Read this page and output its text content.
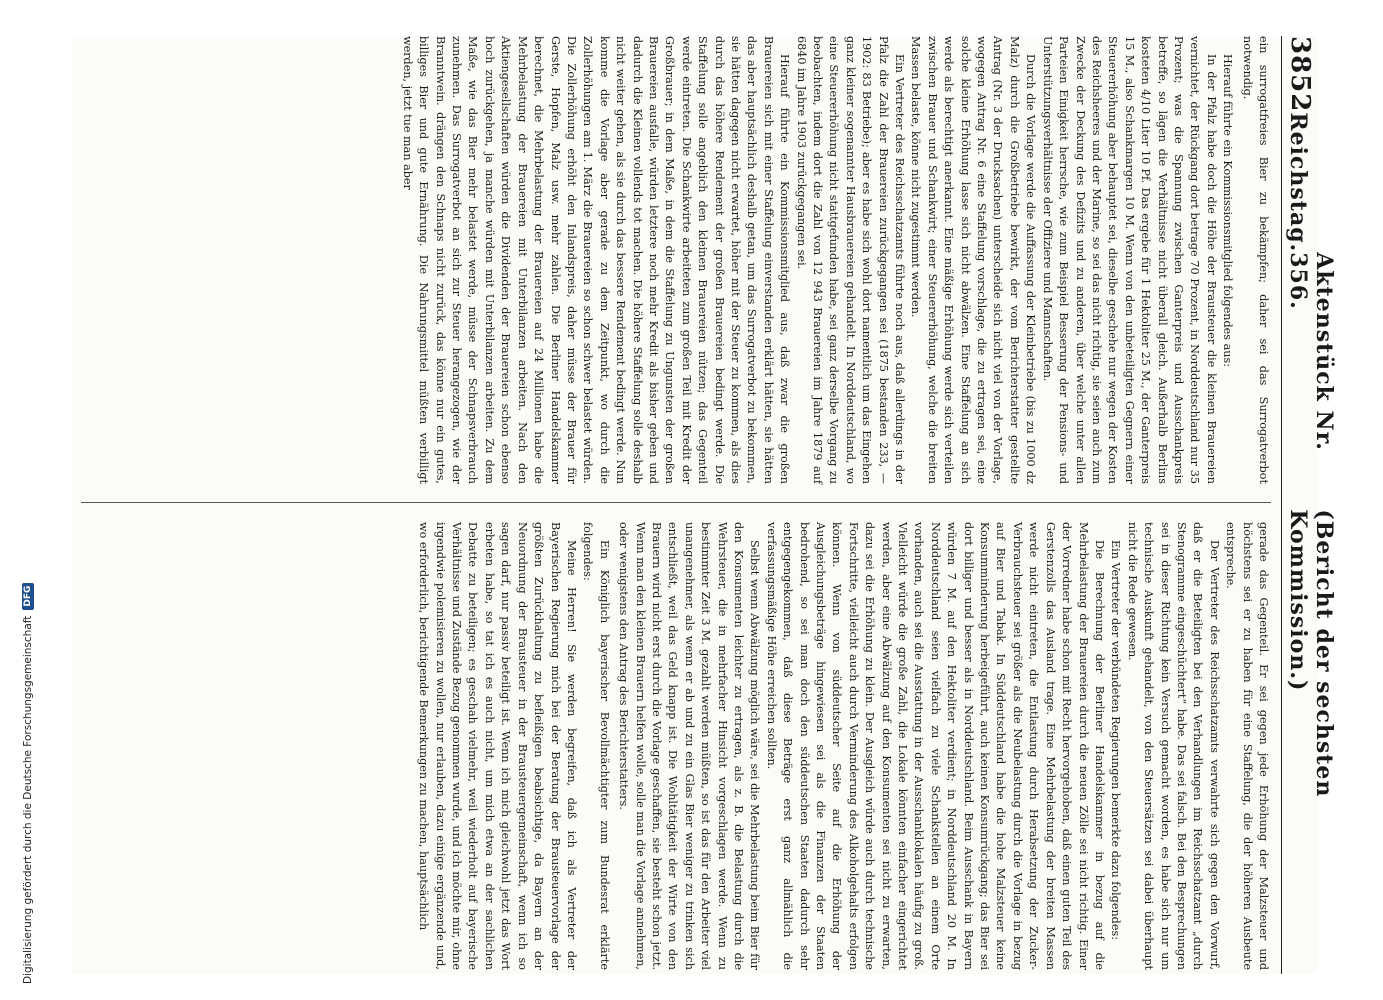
3852
Reichstag.
Aktenstück Nr. 356.
(Bericht der sechsten Kommission.)

ein surrogatfreies Bier zu bekämpfen; daher sei das Surrogatverbot notwendig.

Hierauf führte ein Kommissionsmitglied folgendes aus:

In der Pfalz habe doch die Höhe der Brausteuer die kleinen Brauereien vernichtet, der Rückgang dort betrage 70 Prozent, in Norddeutschland nur 35 Prozent; was die Spannung zwischen Ganterpreis und Ausschankpreis betreffe, so lägen die Verhältnisse nicht überall gleich. Außerhalb Berlins kosteten 4/10 Liter 10 Pf. Das ergebe für 1 Hektoliter 25 M., der Ganterpreis 15 M., also Schankmargen 10 M. Wenn von den unbeteiligten Gegnern einer Steuererhöhung aber behauptet sei, dieselbe geschehe nur wegen der Kosten des Reichsheeres und der Marine, so sei das nicht richtig, sie seien auch zum Zwecke der Deckung des Defizits und zu anderen, über welche unter allen Parteien Einigkeit herrsche, wie zum Beispiel Besserung der Pensions- und Unterstützungsverhältnisse der Offiziere und Mannschaften.

Durch die Vorlage werde die Auffassung der Kleinbetriebe (bis zu 1000 dz Malz) durch die Großbetriebe bewirkt, der vom Berichterstatter gestellte Antrag (Nr. 3 der Drucksachen) unterscheide sich nicht viel von der Vorlage, wogegen Antrag Nr. 6 eine Staffelung vorschlage, die zu ertragen sei, eine solche kleine Erhöhung lasse sich nicht abwälzen. Eine Staffelung an sich werde als berechtigt anerkannt. Eine mäßige Erhöhung werde sich verteilen zwischen Brauer und Schankwirt; einer Steuererhöhung, welche die breiten Massen belaste, könne nicht zugestimmt werden.

Ein Vertreter des Reichsschatzamts führte noch aus, daß allerdings in der Pfalz die Zahl der Brauereien zurückgegangen sei (1875 bestanden 233, — 1902: 83 Betriebe); aber es habe sich wohl dort namentlich um das Eingehen ganz kleiner sogenannter Hausbrauereien gehandelt. In Norddeutschland, wo eine Steuererhöhung nicht stattgefunden habe, sei ganz derselbe Vorgang zu beobachten, indem dort die Zahl von 12 943 Brauereien im Jahre 1879 auf 6840 im Jahre 1903 zurückgegangen sei.

Hierauf führte ein Kommissionsmitglied aus, daß zwar die großen Brauereien sich mit einer Staffelung einverstanden erklärt hätten, sie hätten das aber hauptsächlich deshalb getan, um das Surrogatverbot zu bekommen, sie hätten dagegen nicht erwartet, höher mit der Steuer zu kommen, als dies durch das höhere Rendement der großen Brauereien bedingt werde. Die Staffelung solle angeblich den kleinen Brauereien nützen; das Gegenteil werde eintreten. Die Schankwirte arbeiteten zum großen Teil mit Kredit der Großbrauer; in dem Maße, in dem die Staffelung zu Ungunsten der großen Brauereien ausfalle, würden letztere noch mehr Kredit als bisher geben und dadurch die Kleinen vollends tot machen. Die höhere Staffelung solle deshalb nicht weiter gehen, als sie durch das bessere Rendement bedingt werde. Nun komme die Vorlage aber gerade zu dem Zeitpunkt, wo durch die Zollerhöhungen am 1. März die Brauereien so schon schwer belastet würden. Die Zollerhöhung erhöht den Inlandspreis, daher müsse der Brauer für Gerste, Hopfen, Malz usw. mehr zahlen. Die Berliner Handelskammer berechnet, die Mehrbelastung der Brauereien auf 24 Millionen habe die Mehrbelastung der Brauereien mit Unterbilanzen arbeiten. Nach den Aktiengesellschaften würden die Dividenden der Brauereien schon ebenso hoch zurückgehen, ja manche würden mit Unterbilanzen arbeiten. Zu dem Maße, wie das Bier mehr belastet werde, müsse der Schnapsverbrauch zunehmen. Das Surrogatverbot an sich zur Steuer herangezogen, wie der Branntwein. drängen den Schnaps nicht zurück, das könne nur ein gutes, billiges Bier und gute Ernährung. Die Nahrungsmittel müßten verbilligt werden, jetzt tue man aber

gerade das Gegenteil. Er sei gegen jede Erhöhung der Malzsteuer und höchstens sei er zu haben für eine Staffelung, die der höheren Ausbeute entspreche.

Der Vertreter des Reichsschatzamts verwahrte sich gegen den Vorwurf, daß er die Beteiligten bei den Verhandlungen im Reichsschatzamt „durch Stenogramme eingeschüchtert“ habe. Das sei falsch. Bei den Besprechungen sei in dieser Richtung kein Versuch gemacht worden, es habe sich nur um technische Auskunft gehandelt, von den Steuersätzen sei dabei überhaupt nicht die Rede gewesen.

Ein Vertreter der verbündeten Regierungen bemerkte dazu folgendes:

Die Berechnung der Berliner Handelskammer in bezug auf die Mehrbelastung der Brauereien durch die neuen Zölle sei nicht richtig. Einer der Vorredner habe schon mit Recht hervorgehoben, daß einen guten Teil des Gerstenzolls das Ausland trage. Eine Mehrbelastung der breiten Massen werde nicht eintreten, die Entlastung durch Herabsetzung der Zucker-Verbrauchsteuer sei größer als die Neubelastung durch die Vorlage in bezug auf Bier und Tabak. In Süddeutschland habe die hohe Malzsteuer keine Konsumminderung herbeigeführt, auch keinen Konsumrückgang; das Bier sei dort billiger und besser als in Norddeutschland. Beim Ausschank in Bayern würden 7 M. auf den Hektoliter verdient; in Norddeutschland 20 M. In Norddeutschland seien vielfach zu viele Schankstellen an einem Orte vorhanden, auch sei die Ausstattung in der Ausschanklokalen häufig zu groß. Vielleicht würde die große Zahl, die Lokale könnten einfacher eingerichtet werden, aber eine Abwälzung auf den Konsumenten sei nicht zu erwarten, dazu sei die Erhöhung zu klein. Der Ausgleich würde auch durch technische Fortschritte, vielleicht auch durch Verminderung des Alkoholgehalts erfolgen können. Wenn von süddeutscher Seite auf die Erhöhung der Ausgleichungsbeträge hingewiesen sei als die Finanzen der Staaten bedrohend, so sei man doch den süddeutschen Staaten dadurch sehr entgegengekommen, daß diese Beträge erst ganz allmählich die verfassungsmäßige Höhe erreichen sollten.

Selbst wenn Abwälzung möglich wäre, sei die Mehrbelastung beim Bier für den Konsumenten leichter zu ertragen, als z. B. die Belastung durch die Wehrsteuer, die in mehrfacher Hinsicht vorgeschlagen werde. Wenn zu bestimmter Zeit 3 M. gezahlt werden müßten, so ist das für den Arbeiter viel unangenehmer, als wenn er ab und zu ein Glas Bier weniger zu trinken sich entschließt, weil das Geld knapp ist. Die Wohltätigkeit der Wirte von den Brauern wird nicht erst durch die Vorlage geschaffen, sie besteht schon jetzt. Wenn man den kleinen Brauern helfen wolle, solle man die Vorlage annehmen, oder wenigstens den Antrag des Berichterstatters.

Ein Königlich bayerischer Bevollmächtigter zum Bundesrat erklärte folgendes:

Meine Herren! Sie werden begreifen, daß ich als Vertreter der Bayerischen Regierung mich bei der Beratung der Brausteuervorlage der größten Zurückhaltung zu befleißigen beabsichtige, da Bayern an der Neuordnung der Brausteuer in der Brausteuergemeinschaft, wenn ich so sagen darf, nur passiv beteiligt ist. Wenn ich mich gleichwohl jetzt das Wort erbeten habe, so tat ich es auch nicht, um mich etwa an der sachlichen Debatte zu beteiligen; es geschah vielmehr, weil wiederholt auf bayerische Verhältnisse und Zustände Bezug genommen wurde, und ich möchte mir, ohne irgendwie polemisieren zu wollen, nur erlauben, dazu einige ergänzende und, wo erforderlich, berichtigende Bemerkungen zu machen, hauptsächlich

Digitalisierung gefördert durch die Deutsche Forschungsgemeinschaft
DFG
